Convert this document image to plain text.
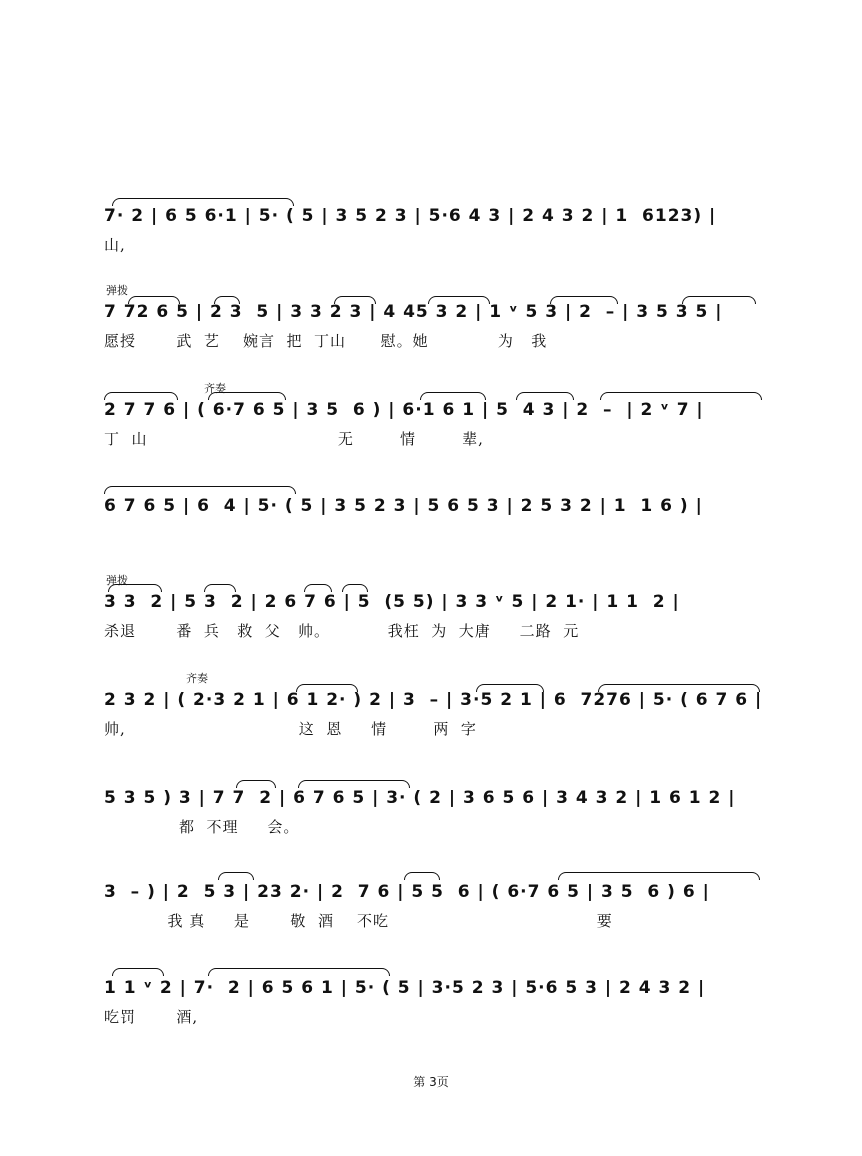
7· 2 | 6 5 6·1 | 5· ( 5 | 3 5 2 3 | 5·6 4 3 | 2 4 3 2 | 1  6123) |
山,
弹拨
7 72 6 5 | 2 3  5 | 3 3 2 3 | 4 45 3 2 | 1 ᵛ 5 3 | 2  – | 3 5 3 5 |
愿授       武  艺    婉言  把  丁山      慰。她            为   我
齐奏
2 7 7 6 | ( 6·7 6 5 | 3 5  6 ) | 6·1 6 1 | 5  4 3 | 2  –  | 2 ᵛ 7 |
丁  山                                 无        情        辈,
6 7 6 5 | 6  4 | 5· ( 5 | 3 5 2 3 | 5 6 5 3 | 2 5 3 2 | 1  1 6 ) |
弹拨
3 3  2 | 5 3  2 | 2 6 7 6 | 5  (5 5) | 3 3 ᵛ 5 | 2 1· | 1 1  2 |
杀退       番  兵   救  父   帅。          我枉  为  大唐     二路  元
齐奏
2 3 2 | ( 2·3 2 1 | 6 1 2· ) 2 | 3  – | 3·5 2 1 | 6  7276 | 5· ( 6 7 6 |
帅,                              这  恩     情        两  字
5 3 5 ) 3 | 7 7  2 | 6 7 6 5 | 3· ( 2 | 3 6 5 6 | 3 4 3 2 | 1 6 1 2 |
都  不理     会。
3  – ) | 2  5 3 | 23 2· | 2  7 6 | 5 5  6 | ( 6·7 6 5 | 3 5  6 ) 6 |
我 真     是       敬  酒    不吃                                    要
1 1 ᵛ 2 | 7·  2 | 6 5 6 1 | 5· ( 5 | 3·5 2 3 | 5·6 5 3 | 2 4 3 2 |
吃罚       酒,
第 3页
